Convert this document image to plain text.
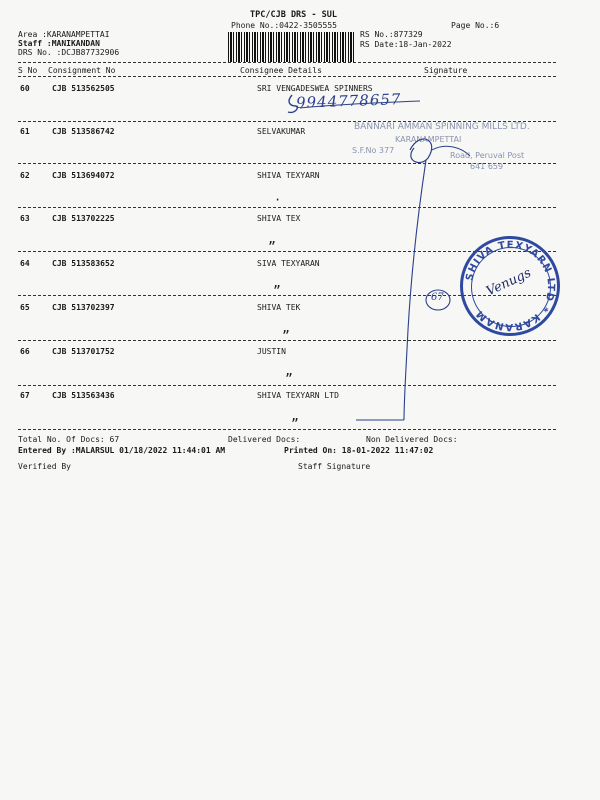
TPC/CJB DRS - SUL
Phone No.:0422-3505555
Area :KARANAMPETTAI
Staff :MANIKANDAN
DRS No. :DCJB87732906
RS No.:877329
RS Date:18-Jan-2022
Page No.:6
S No Consignment No	Consignee Details	Signature
60	CJB 513562505	SRI VENGADESWEA SPINNERS
61	CJB 513586742	SELVAKUMAR
62	CJB 513694072	SHIVA TEXYARN
63	CJB 513702225	SHIVA TEX
64	CJB 513583652	SIVA TEXYARAN
65	CJB 513702397	SHIVA TEK
66	CJB 513701752	JUSTIN
67	CJB 513563436	SHIVA TEXYARN LTD
BANNARI AMMAN SPINNING MILLS LTD.
KARANAMPETTAI
S.F.No 377
Road, Peruval Post
641 659
9944778657
·
”
”
”
”
”
67
SHIVA TEXYARN LTD * KARANAM
Venugs
Total No. Of Docs: 67	Delivered Docs:	Non Delivered Docs:
Entered By :MALARSUL 01/18/2022 11:44:01 AM	Printed On: 18-01-2022 11:47:02
Verified By	Staff Signature
